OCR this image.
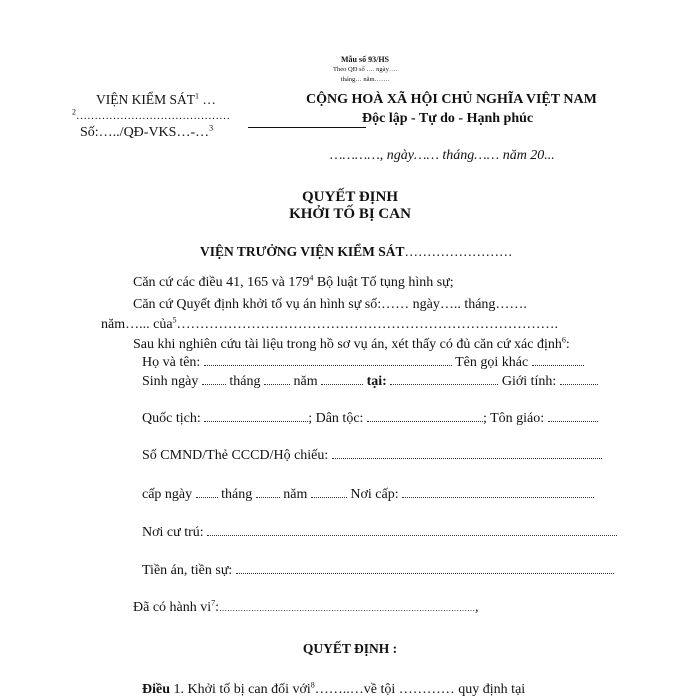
Mẫu số 93/HS
Theo QĐ số …. ngày….
tháng… năm…….
VIỆN KIỂM SÁT$^1$ …
$^2$……………………………………
Số:…../QĐ-VKS…-…$^3$
CỘNG HOÀ XÃ HỘI CHỦ NGHĨA VIỆT NAM
Độc lập - Tự do - Hạnh phúc
…………, ngày…… tháng…… năm 20...
QUYẾT ĐỊNH
KHỞI TỐ BỊ CAN
VIỆN TRƯỞNG VIỆN KIỂM SÁT……………………
Căn cứ các điều 41, 165 và $179^4$ Bộ luật Tố tụng hình sự;
Căn cứ Quyết định khởi tố vụ án hình sự số:…… ngày….. tháng…….
năm…... của$^5$……………………………………………………………………….
Sau khi nghiên cứu tài liệu trong hồ sơ vụ án, xét thấy có đủ căn cứ xác định$^6$:
Họ và tên:	Tên gọi khác
Sinh ngày tháng năm	tại:	Giới tính:
Quốc tịch:	; Dân tộc:	; Tôn giáo:
Số CMND/Thẻ CCCD/Hộ chiếu:
cấp ngày tháng năm	Nơi cấp:
Nơi cư trú:
Tiền án, tiền sự:
Đã có hành $vi^7:\dots\dots\dots\dots\dots\dots\dots\dots\dots\dots\dots\dots\dots\dots\dots\dots\dots\dots\dots\dots\dots\dots\dots\dots\dots\dots\dots\dots\dots\dots\dots\dots$,
QUYẾT ĐỊNH :
Điều 1. Khởi tố bị can đối với$^8$……..…về tội ………… quy định tại
